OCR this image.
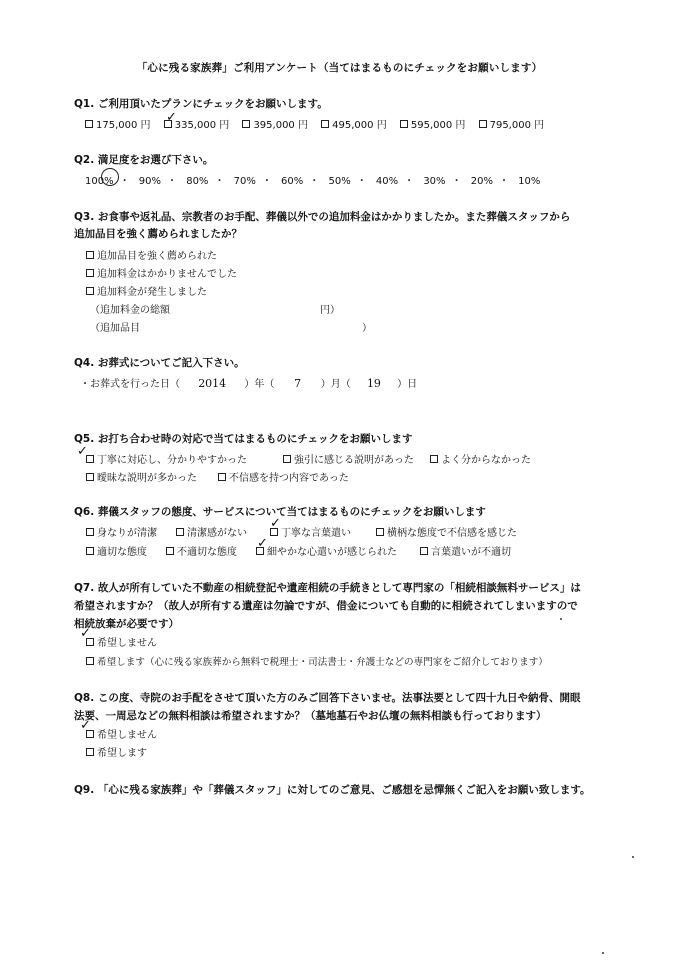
「心に残る家族葬」ご利用アンケート（当てはまるものにチェックをお願いします）
Q1. ご利用頂いたプランにチェックをお願いします。
175,000 円 335,000 円 395,000 円 495,000 円 595,000 円 795,000 円
✓
Q2. 満足度をお選び下さい。
100% ・ 90% ・ 80% ・ 70% ・ 60% ・ 50% ・ 40% ・ 30% ・ 20% ・ 10%
Q3. お食事や返礼品、宗教者のお手配、葬儀以外での追加料金はかかりましたか。また葬儀スタッフから
追加品目を強く薦められましたか？
追加品目を強く薦められた
追加料金はかかりませんでした
追加料金が発生しました
（追加料金の総額	円）
（追加品目	）
Q4. お葬式についてご記入下さい。
・お葬式を行った日（ 2014 ）年（ 7 ）月（ 19 ）日
Q5. お打ち合わせ時の対応で当てはまるものにチェックをお願いします
丁寧に対応し、分かりやすかった	強引に感じる説明があった	よく分からなかった
曖昧な説明が多かった	不信感を持つ内容であった
✓
Q6. 葬儀スタッフの態度、サービスについて当てはまるものにチェックをお願いします
身なりが清潔	清潔感がない	丁寧な言葉遣い	横柄な態度で不信感を感じた
適切な態度	不適切な態度	細やかな心遣いが感じられた	言葉遣いが不適切
✓
✓
Q7. 故人が所有していた不動産の相続登記や遺産相続の手続きとして専門家の「相続相談無料サービス」は
希望されますか？（故人が所有する遺産は勿論ですが、借金についても自動的に相続されてしまいますので
相続放棄が必要です）
希望しません
希望します（心に残る家族葬から無料で税理士・司法書士・弁護士などの専門家をご紹介しております）
✓
Q8. この度、寺院のお手配をさせて頂いた方のみご回答下さいませ。法事法要として四十九日や納骨、開眼
法要、一周忌などの無料相談は希望されますか？（墓地墓石やお仏壇の無料相談も行っております）
希望しません
希望します
✓
Q9. 「心に残る家族葬」や「葬儀スタッフ」に対してのご意見、ご感想を忌憚無くご記入をお願い致します。
